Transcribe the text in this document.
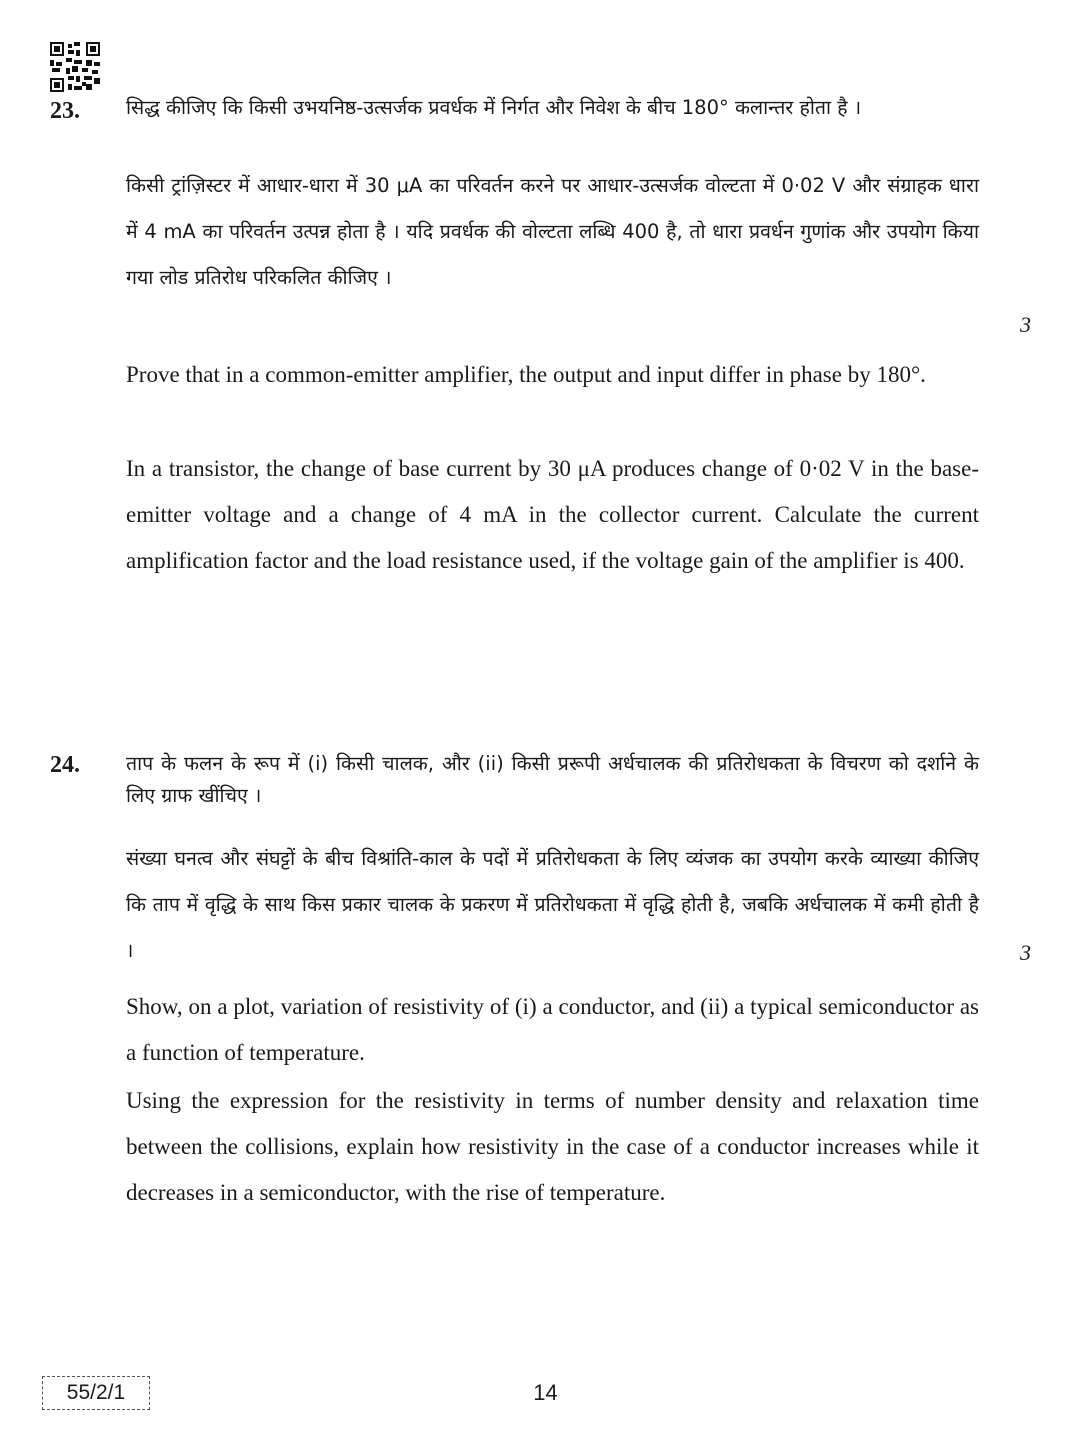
23. सिद्ध कीजिए कि किसी उभयनिष्ठ-उत्सर्जक प्रवर्धक में निर्गत और निवेश के बीच 180° कलान्तर होता है ।

किसी ट्रांज़िस्टर में आधार-धारा में 30 μA का परिवर्तन करने पर आधार-उत्सर्जक वोल्टता में 0·02 V और संग्राहक धारा में 4 mA का परिवर्तन उत्पन्न होता है । यदि प्रवर्धक की वोल्टता लब्धि 400 है, तो धारा प्रवर्धन गुणांक और उपयोग किया गया लोड प्रतिरोध परिकलित कीजिए ।

3

Prove that in a common-emitter amplifier, the output and input differ in phase by 180°.

In a transistor, the change of base current by 30 μA produces change of 0·02 V in the base-emitter voltage and a change of 4 mA in the collector current. Calculate the current amplification factor and the load resistance used, if the voltage gain of the amplifier is 400.

24. ताप के फलन के रूप में (i) किसी चालक, और (ii) किसी प्ररूपी अर्धचालक की प्रतिरोधकता के विचरण को दर्शाने के लिए ग्राफ खींचिए ।

संख्या घनत्व और संघट्टों के बीच विश्रांति-काल के पदों में प्रतिरोधकता के लिए व्यंजक का उपयोग करके व्याख्या कीजिए कि ताप में वृद्धि के साथ किस प्रकार चालक के प्रकरण में प्रतिरोधकता में वृद्धि होती है, जबकि अर्धचालक में कमी होती है ।	3

Show, on a plot, variation of resistivity of (i) a conductor, and (ii) a typical semiconductor as a function of temperature.

Using the expression for the resistivity in terms of number density and relaxation time between the collisions, explain how resistivity in the case of a conductor increases while it decreases in a semiconductor, with the rise of temperature.

55/2/1	14
